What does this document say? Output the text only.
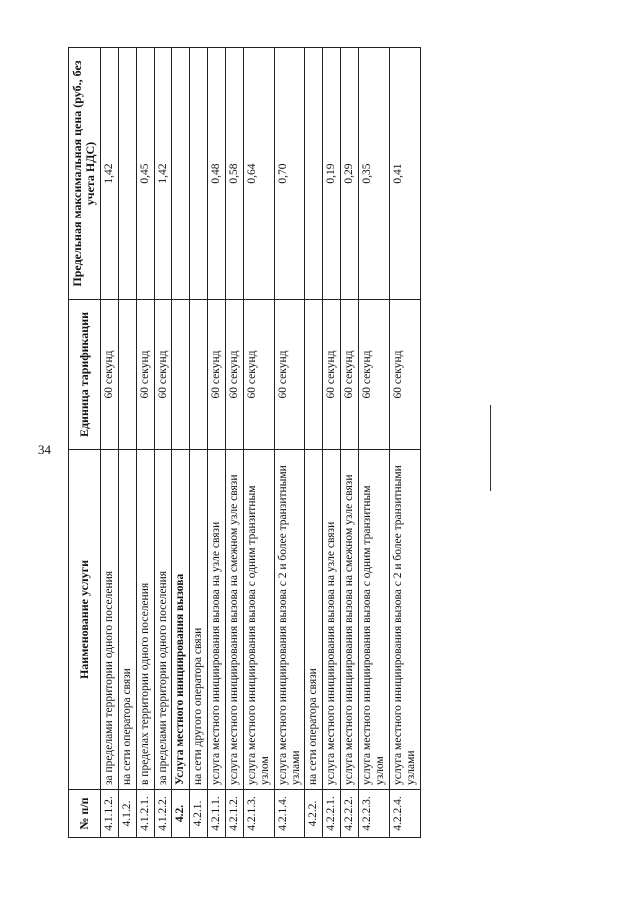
34
№ п/п	Наименование услуги	Единица тарификации	Предельная максимальная цена (руб., без учета НДС)
4.1.1.2.	за пределами территории одного поселения	60 секунд	1,42
4.1.2.	на сети оператора связи		
4.1.2.1.	в пределах территории одного поселения	60 секунд	0,45
4.1.2.2.	за пределами территории одного поселения	60 секунд	1,42
4.2.	Услуга местного инициирования вызова		
4.2.1.	на сети другого оператора связи		
4.2.1.1.	услуга местного инициирования вызова на узле связи	60 секунд	0,48
4.2.1.2.	услуга местного инициирования вызова на смежном узле связи	60 секунд	0,58
4.2.1.3.	услуга местного инициирования вызова с одним транзитным узлом	60 секунд	0,64
4.2.1.4.	услуга местного инициирования вызова с 2 и более транзитными узлами	60 секунд	0,70
4.2.2.	на сети оператора связи		
4.2.2.1.	услуга местного инициирования вызова на узле связи	60 секунд	0,19
4.2.2.2.	услуга местного инициирования вызова на смежном узле связи	60 секунд	0,29
4.2.2.3.	услуга местного инициирования вызова с одним транзитным узлом	60 секунд	0,35
4.2.2.4.	услуга местного инициирования вызова с 2 и более транзитными узлами	60 секунд	0,41
